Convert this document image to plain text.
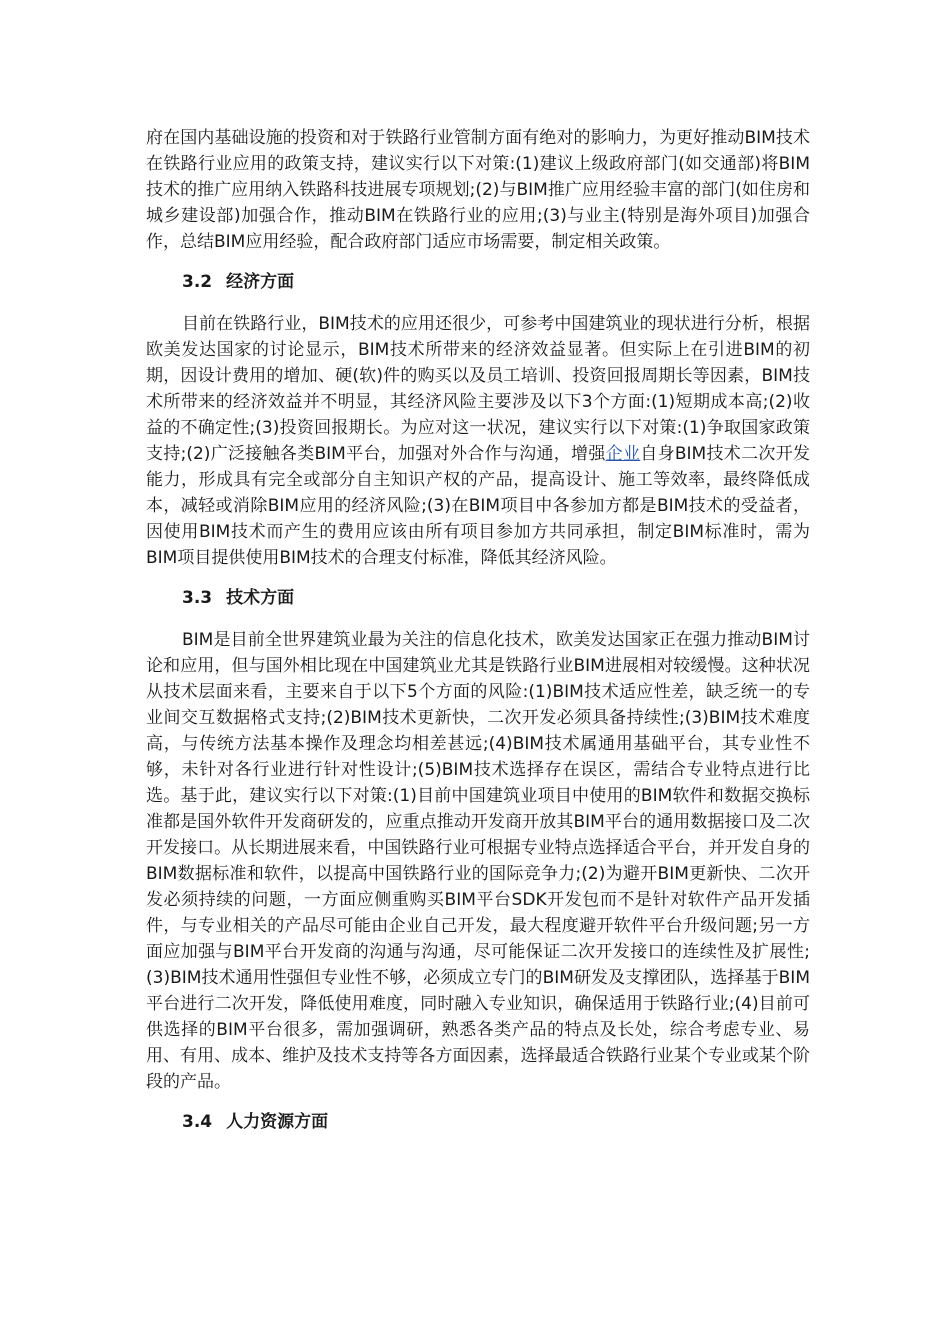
府在国内基础设施的投资和对于铁路行业管制方面有绝对的影响力，为更好推动BIM技术在铁路行业应用的政策支持，建议实行以下对策:(1)建议上级政府部门(如交通部)将BIM技术的推广应用纳入铁路科技进展专项规划;(2)与BIM推广应用经验丰富的部门(如住房和城乡建设部)加强合作，推动BIM在铁路行业的应用;(3)与业主(特别是海外项目)加强合作，总结BIM应用经验，配合政府部门适应市场需要，制定相关政策。

3.2 经济方面

目前在铁路行业，BIM技术的应用还很少，可参考中国建筑业的现状进行分析，根据欧美发达国家的讨论显示，BIM技术所带来的经济效益显著。但实际上在引进BIM的初期，因设计费用的增加、硬(软)件的购买以及员工培训、投资回报周期长等因素，BIM技术所带来的经济效益并不明显，其经济风险主要涉及以下3个方面:(1)短期成本高;(2)收益的不确定性;(3)投资回报期长。为应对这一状况，建议实行以下对策:(1)争取国家政策支持;(2)广泛接触各类BIM平台，加强对外合作与沟通，增强企业自身BIM技术二次开发能力，形成具有完全或部分自主知识产权的产品，提高设计、施工等效率，最终降低成本，减轻或消除BIM应用的经济风险;(3)在BIM项目中各参加方都是BIM技术的受益者，因使用BIM技术而产生的费用应该由所有项目参加方共同承担，制定BIM标准时，需为BIM项目提供使用BIM技术的合理支付标准，降低其经济风险。

3.3 技术方面

BIM是目前全世界建筑业最为关注的信息化技术，欧美发达国家正在强力推动BIM讨论和应用，但与国外相比现在中国建筑业尤其是铁路行业BIM进展相对较缓慢。这种状况从技术层面来看，主要来自于以下5个方面的风险:(1)BIM技术适应性差，缺乏统一的专业间交互数据格式支持;(2)BIM技术更新快，二次开发必须具备持续性;(3)BIM技术难度高，与传统方法基本操作及理念均相差甚远;(4)BIM技术属通用基础平台，其专业性不够，未针对各行业进行针对性设计;(5)BIM技术选择存在误区，需结合专业特点进行比选。基于此，建议实行以下对策:(1)目前中国建筑业项目中使用的BIM软件和数据交换标准都是国外软件开发商研发的，应重点推动开发商开放其BIM平台的通用数据接口及二次开发接口。从长期进展来看，中国铁路行业可根据专业特点选择适合平台，并开发自身的BIM数据标准和软件，以提高中国铁路行业的国际竞争力;(2)为避开BIM更新快、二次开发必须持续的问题，一方面应侧重购买BIM平台SDK开发包而不是针对软件产品开发插件，与专业相关的产品尽可能由企业自己开发，最大程度避开软件平台升级问题;另一方面应加强与BIM平台开发商的沟通与沟通，尽可能保证二次开发接口的连续性及扩展性;(3)BIM技术通用性强但专业性不够，必须成立专门的BIM研发及支撑团队，选择基于BIM平台进行二次开发，降低使用难度，同时融入专业知识，确保适用于铁路行业;(4)目前可供选择的BIM平台很多，需加强调研，熟悉各类产品的特点及长处，综合考虑专业、易用、有用、成本、维护及技术支持等各方面因素，选择最适合铁路行业某个专业或某个阶段的产品。

3.4 人力资源方面
